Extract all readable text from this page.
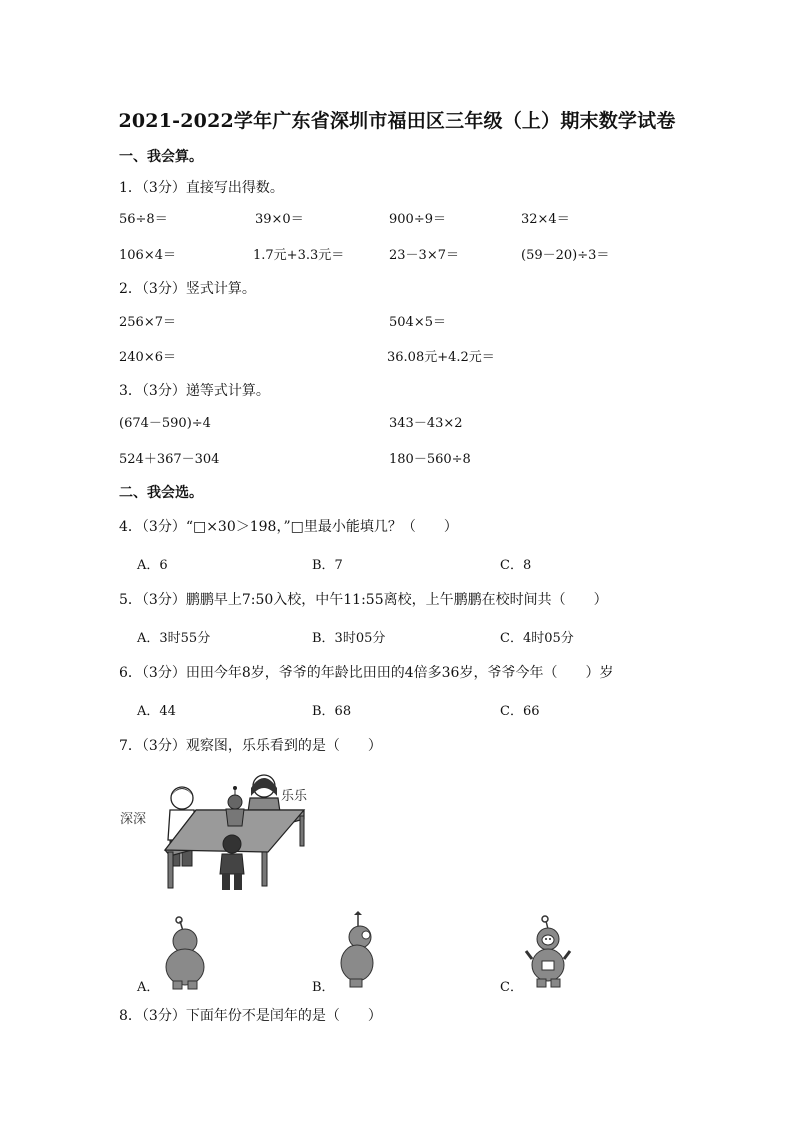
2021-2022学年广东省深圳市福田区三年级（上）期末数学试卷
一、我会算。
1．（3分）直接写出得数。
56÷8＝	39×0＝	900÷9＝	32×4＝
106×4＝	1.7元+3.3元＝	23－3×7＝	(59－20)÷3＝
2．（3分）竖式计算。
256×7＝	504×5＝
240×6＝	36.08元+4.2元＝
3．（3分）递等式计算。
(674－590)÷4	343－43×2
524＋367－304	180－560÷8
二、我会选。
4．（3分）“□×30＞198，”□里最小能填几？（　　）
A．6	B．7	C．8
5．（3分）鹏鹏早上7:50入校，中午11:55离校，上午鹏鹏在校时间共（　　）
A．3时55分	B．3时05分	C．4时05分
6．（3分）田田今年8岁，爷爷的年龄比田田的4倍多36岁，爷爷今年（　　）岁
A．44	B．68	C．66
7．（3分）观察图，乐乐看到的是（　　）
深深
乐乐
A．	B．	C．
8．（3分）下面年份不是闰年的是（　　）
